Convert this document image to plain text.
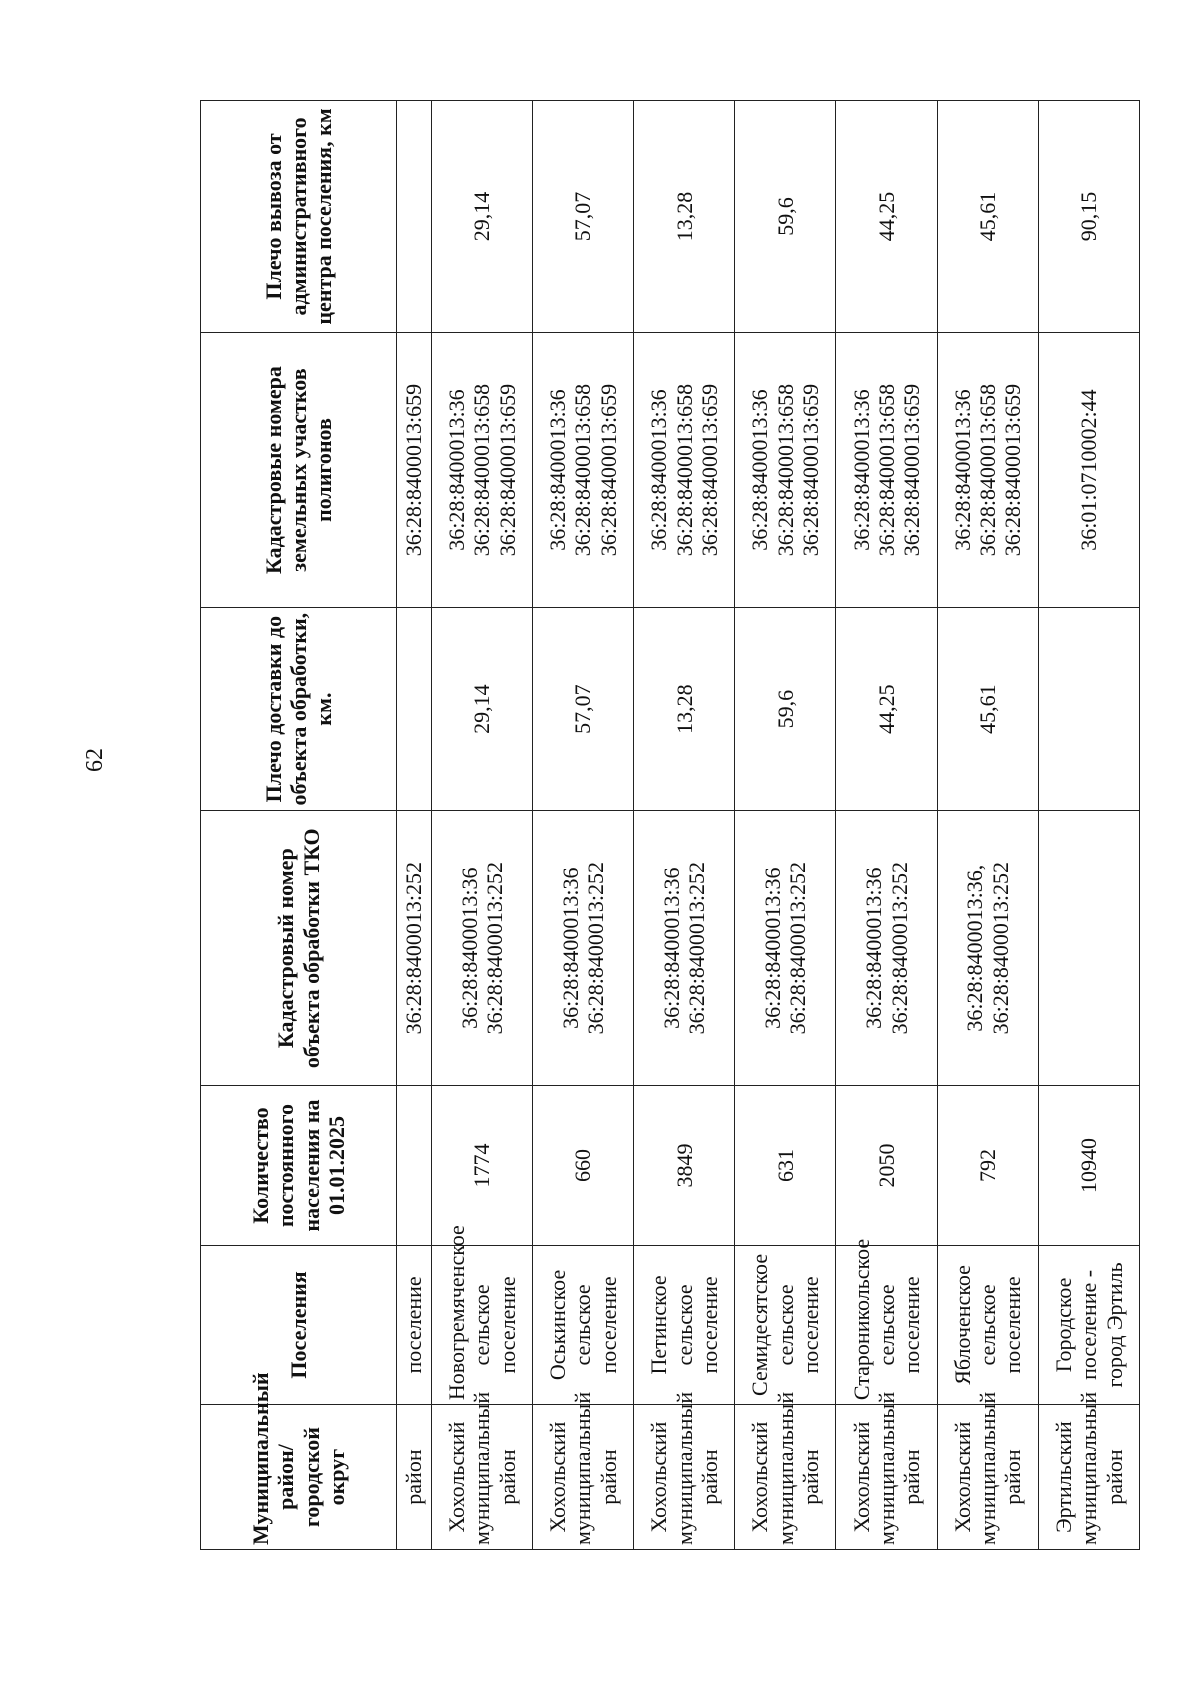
62
Муниципальный район/ городской округ	Поселения	Количество постоянного населения на 01.01.2025	Кадастровый номер объекта обработки ТКО	Плечо доставки до объекта обработки, км.	Кадастровые номера земельных участков полигонов	Плечо вывоза от административного центра поселения, км
район	поселение		36:28:8400013:252		36:28:8400013:659	

Хохольский муниципальный район	Новогремяченское сельское поселение	1774	36:28:8400013:36 36:28:8400013:252	29,14	36:28:8400013:36 36:28:8400013:658 36:28:8400013:659	29,14
Хохольский муниципальный район	Оськинское сельское поселение	660	36:28:8400013:36 36:28:8400013:252	57,07	36:28:8400013:36 36:28:8400013:658 36:28:8400013:659	57,07
Хохольский муниципальный район	Петинское сельское поселение	3849	36:28:8400013:36 36:28:8400013:252	13,28	36:28:8400013:36 36:28:8400013:658 36:28:8400013:659	13,28
Хохольский муниципальный район	Семидесятское сельское поселение	631	36:28:8400013:36 36:28:8400013:252	59,6	36:28:8400013:36 36:28:8400013:658 36:28:8400013:659	59,6
Хохольский муниципальный район	Староникольское сельское поселение	2050	36:28:8400013:36 36:28:8400013:252	44,25	36:28:8400013:36 36:28:8400013:658 36:28:8400013:659	44,25
Хохольский муниципальный район	Яблоченское сельское поселение	792	36:28:8400013:36, 36:28:8400013:252	45,61	36:28:8400013:36 36:28:8400013:658 36:28:8400013:659	45,61
Эртильский муниципальный район	Городское поселение - город Эртиль	10940			36:01:0710002:44	90,15
